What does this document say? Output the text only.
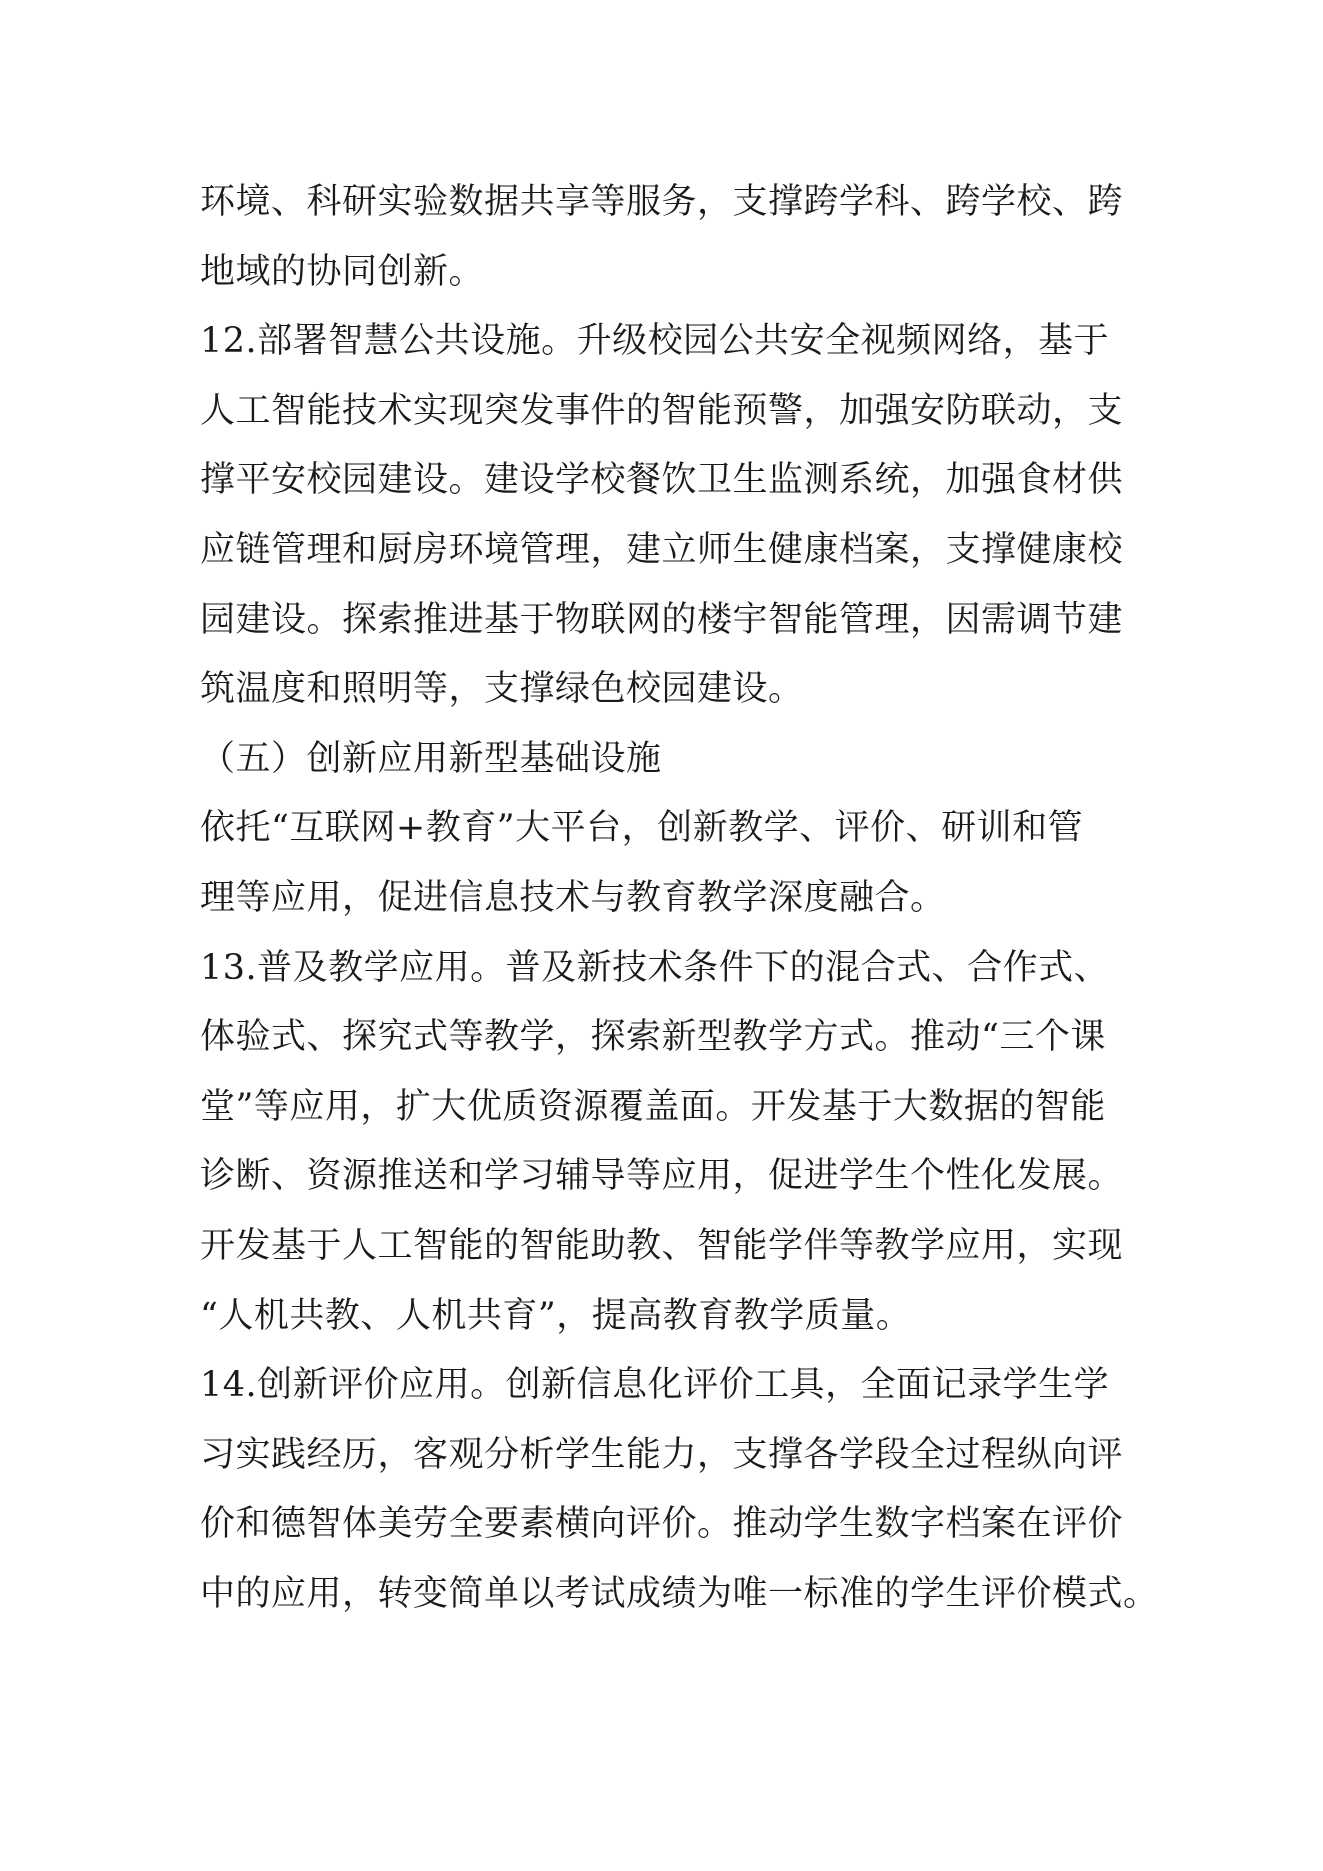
环境、科研实验数据共享等服务，支撑跨学科、跨学校、跨
地域的协同创新。
12.部署智慧公共设施。升级校园公共安全视频网络，基于
人工智能技术实现突发事件的智能预警，加强安防联动，支
撑平安校园建设。建设学校餐饮卫生监测系统，加强食材供
应链管理和厨房环境管理，建立师生健康档案，支撑健康校
园建设。探索推进基于物联网的楼宇智能管理，因需调节建
筑温度和照明等，支撑绿色校园建设。
（五）创新应用新型基础设施
依托“互联网+教育”大平台，创新教学、评价、研训和管
理等应用，促进信息技术与教育教学深度融合。
13.普及教学应用。普及新技术条件下的混合式、合作式、
体验式、探究式等教学，探索新型教学方式。推动“三个课
堂”等应用，扩大优质资源覆盖面。开发基于大数据的智能
诊断、资源推送和学习辅导等应用，促进学生个性化发展。
开发基于人工智能的智能助教、智能学伴等教学应用，实现
“人机共教、人机共育”，提高教育教学质量。
14.创新评价应用。创新信息化评价工具，全面记录学生学
习实践经历，客观分析学生能力，支撑各学段全过程纵向评
价和德智体美劳全要素横向评价。推动学生数字档案在评价
中的应用，转变简单以考试成绩为唯一标准的学生评价模式。
